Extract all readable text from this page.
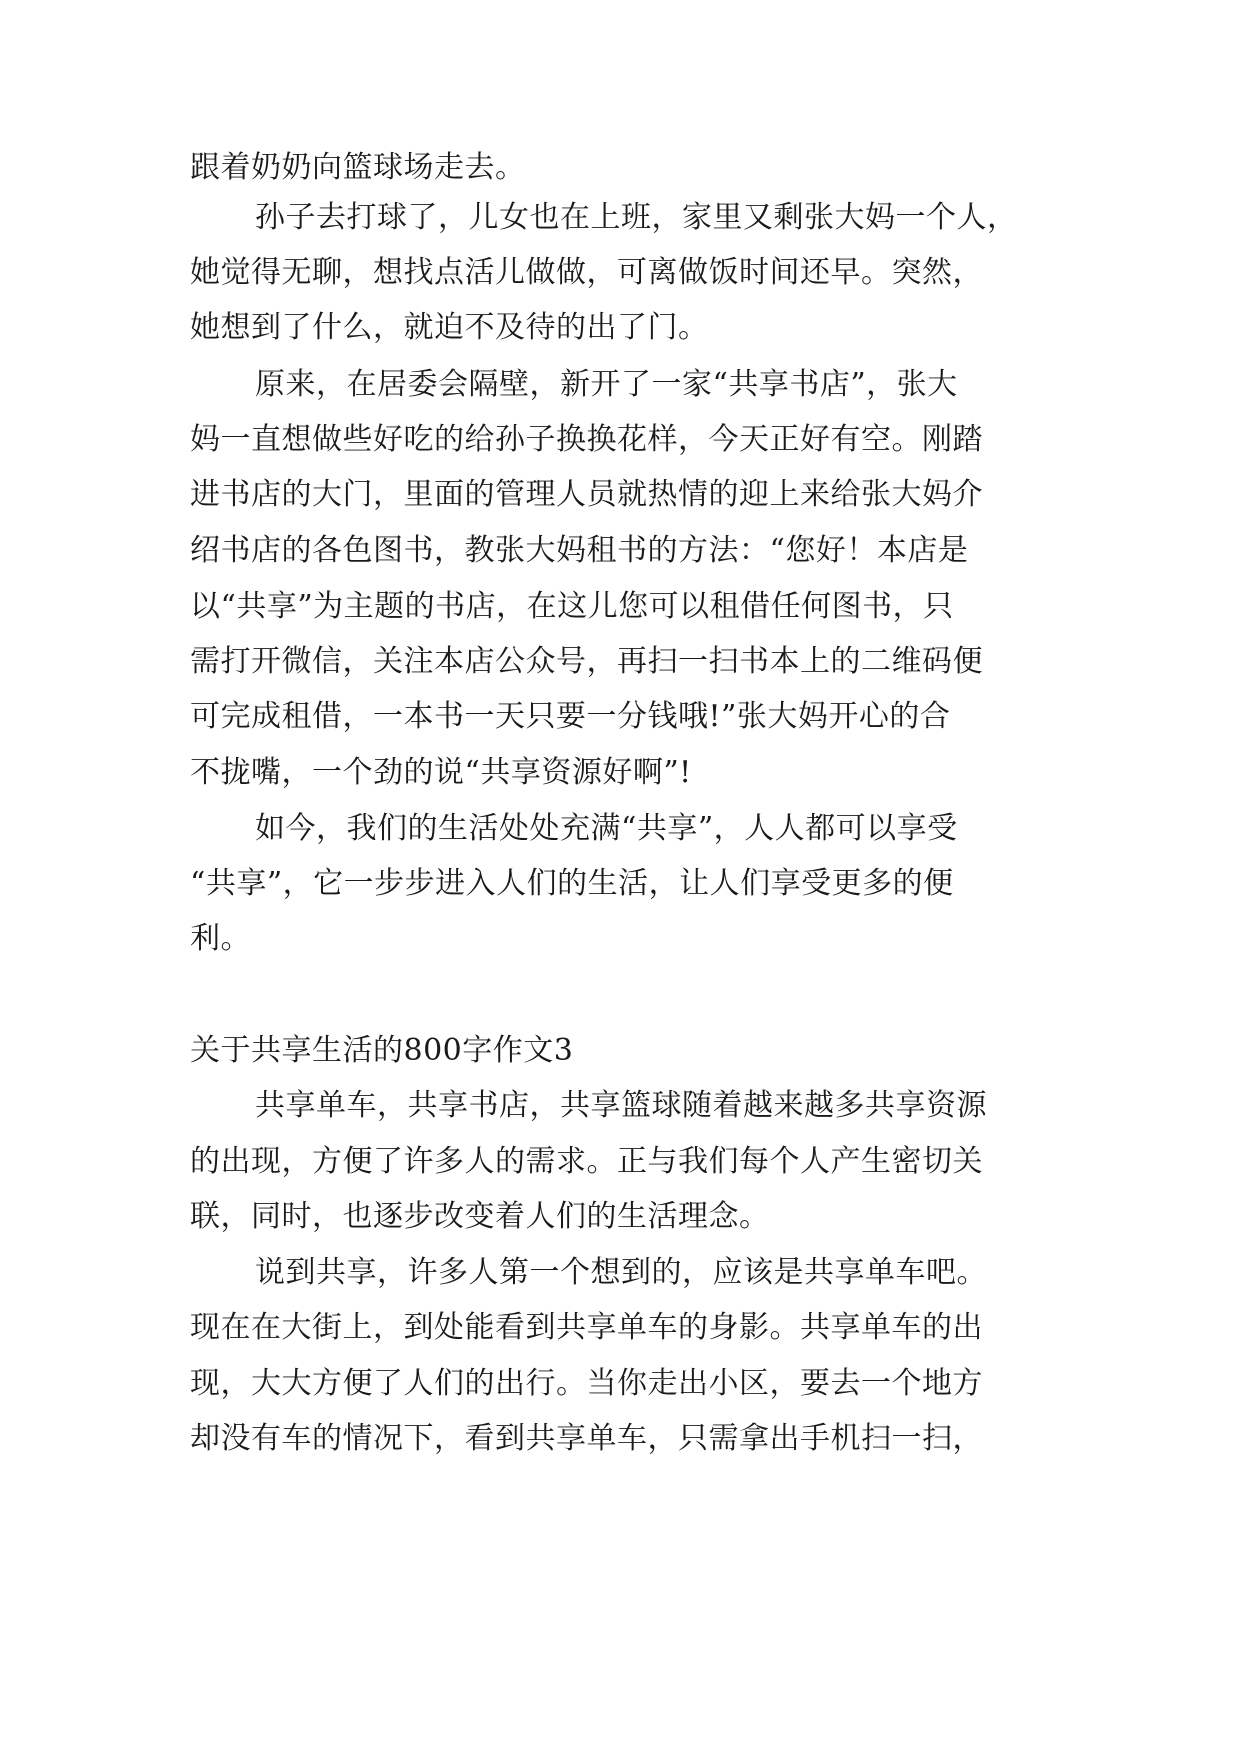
跟着奶奶向篮球场走去。
孙子去打球了，儿女也在上班，家里又剩张大妈一个人，
她觉得无聊，想找点活儿做做，可离做饭时间还早。突然，
她想到了什么，就迫不及待的出了门。
原来，在居委会隔壁，新开了一家“共享书店”，张大
妈一直想做些好吃的给孙子换换花样，今天正好有空。刚踏
进书店的大门，里面的管理人员就热情的迎上来给张大妈介
绍书店的各色图书，教张大妈租书的方法：“您好！本店是
以“共享”为主题的书店，在这儿您可以租借任何图书，只
需打开微信，关注本店公众号，再扫一扫书本上的二维码便
可完成租借，一本书一天只要一分钱哦!”张大妈开心的合
不拢嘴，一个劲的说“共享资源好啊”!
如今，我们的生活处处充满“共享”，人人都可以享受
“共享”，它一步步进入人们的生活，让人们享受更多的便
利。
关于共享生活的800字作文3
共享单车，共享书店，共享篮球随着越来越多共享资源
的出现，方便了许多人的需求。正与我们每个人产生密切关
联，同时，也逐步改变着人们的生活理念。
说到共享，许多人第一个想到的，应该是共享单车吧。
现在在大街上，到处能看到共享单车的身影。共享单车的出
现，大大方便了人们的出行。当你走出小区，要去一个地方
却没有车的情况下，看到共享单车，只需拿出手机扫一扫，
